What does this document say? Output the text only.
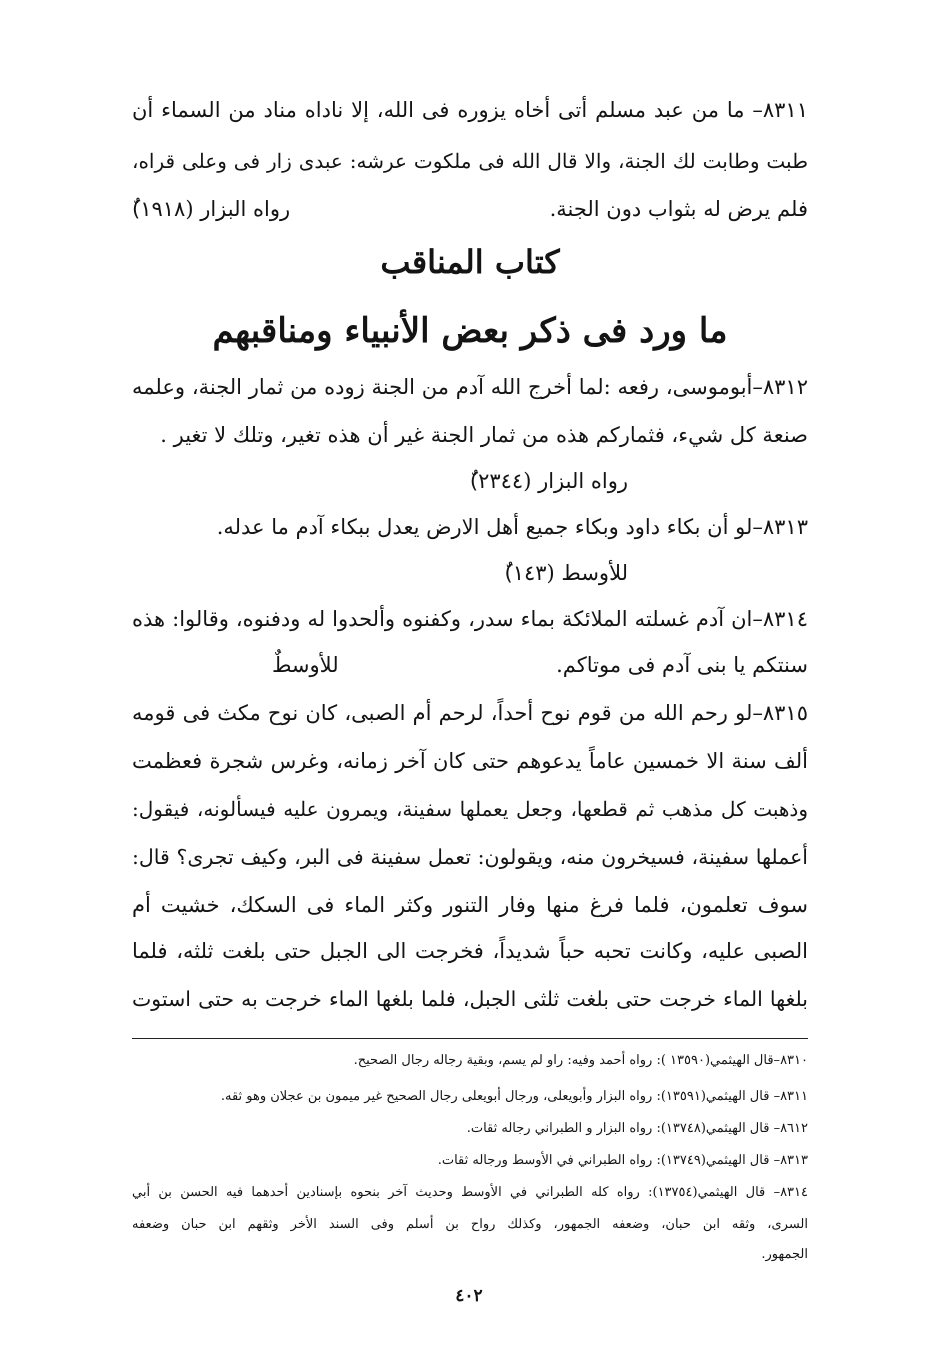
٨٣١١– ما من عبد مسلم أتى أخاه يزوره فى الله، إلا ناداه مناد من السماء أن
طبت وطابت لك الجنة، والا قال الله فى ملكوت عرشه: عبدى زار فى وعلى قراه،
فلم يرض له بثواب دون الجنة.
رواه البزار (١٩١٨)ٌ
كتاب المناقب
ما ورد فى ذكر بعض الأنبياء ومناقبهم
٨٣١٢–أبوموسى، رفعه :لما أخرج الله آدم من الجنة زوده من ثمار الجنة، وعلمه
صنعة كل شيء، فثماركم هذه من ثمار الجنة غير أن هذه تغير، وتلك لا تغير .
رواه البزار (٢٣٤٤)ٌ
٨٣١٣–لو أن بكاء داود وبكاء جميع أهل الارض يعدل ببكاء آدم ما عدله.
للأوسط (١٤٣)ٌ
٨٣١٤–ان آدم غسلته الملائكة بماء سدر، وكفنوه وألحدوا له ودفنوه، وقالوا: هذه
سنتكم يا بنى آدم فى موتاكم.
للأوسطٌ
٨٣١٥–لو رحم الله من قوم نوح أحداً، لرحم أم الصبى، كان نوح مكث فى قومه
ألف سنة الا خمسين عاماً يدعوهم حتى كان آخر زمانه، وغرس شجرة فعظمت
وذهبت كل مذهب ثم قطعها، وجعل يعملها سفينة، ويمرون عليه فيسألونه، فيقول:
أعملها سفينة، فسيخرون منه، ويقولون: تعمل سفينة فى البر، وكيف تجرى؟ قال:
سوف تعلمون، فلما فرغ منها وفار التنور وكثر الماء فى السكك، خشيت أم
الصبى عليه، وكانت تحبه حباً شديداً، فخرجت الى الجبل حتى بلغت ثلثه، فلما
بلغها الماء خرجت حتى بلغت ثلثى الجبل، فلما بلغها الماء خرجت به حتى استوت
٨٣١٠–قال الهيثمي(١٣٥٩٠ ): رواه أحمد وفيه: راو لم يسم، وبقية رجاله رجال الصحيح.
٨٣١١– قال الهيثمي(١٣٥٩١): رواه البزار وأبويعلى، ورجال أبويعلى رجال الصحيح غير ميمون بن عجلان وهو ثقه.
٨٦١٢– قال الهيثمي(١٣٧٤٨): رواه البزار و الطبراني رجاله ثقات.
٨٣١٣– قال الهيثمي(١٣٧٤٩): رواه الطبراني في الأوسط ورجاله ثقات.
٨٣١٤– قال الهيثمي(١٣٧٥٤): رواه كله الطبراني في الأوسط وحديث آخر بنحوه بإسنادين أحدهما فيه الحسن بن أبي
السرى، وثقه ابن حبان، وضعفه الجمهور، وكذلك رواح بن أسلم وفى السند الأخر وثقهم ابن حبان وضعفه
الجمهور.
٤٠٢
